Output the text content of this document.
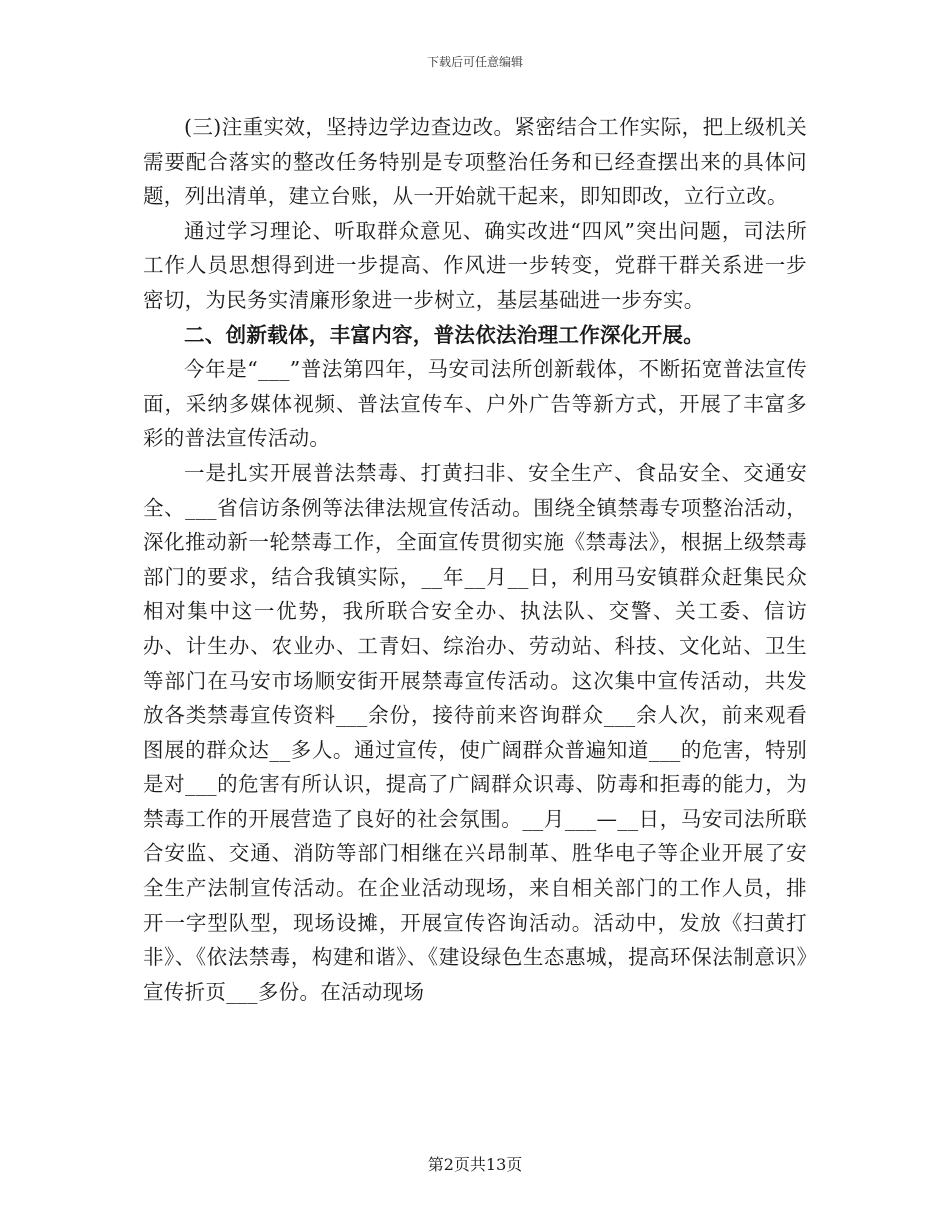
下载后可任意编辑

(三)注重实效，坚持边学边查边改。紧密结合工作实际，把上级机关需要配合落实的整改任务特别是专项整治任务和已经查摆出来的具体问题，列出清单，建立台账，从一开始就干起来，即知即改，立行立改。

通过学习理论、听取群众意见、确实改进“四风”突出问题，司法所工作人员思想得到进一步提高、作风进一步转变，党群干群关系进一步密切，为民务实清廉形象进一步树立，基层基础进一步夯实。

二、创新载体，丰富内容，普法依法治理工作深化开展。

今年是“___”普法第四年，马安司法所创新载体，不断拓宽普法宣传面，采纳多媒体视频、普法宣传车、户外广告等新方式，开展了丰富多彩的普法宣传活动。

一是扎实开展普法禁毒、打黄扫非、安全生产、食品安全、交通安全、___省信访条例等法律法规宣传活动。围绕全镇禁毒专项整治活动，深化推动新一轮禁毒工作，全面宣传贯彻实施《禁毒法》，根据上级禁毒部门的要求，结合我镇实际，__年__月__日，利用马安镇群众赶集民众相对集中这一优势，我所联合安全办、执法队、交警、关工委、信访办、计生办、农业办、工青妇、综治办、劳动站、科技、文化站、卫生等部门在马安市场顺安街开展禁毒宣传活动。这次集中宣传活动，共发放各类禁毒宣传资料___余份，接待前来咨询群众___余人次，前来观看图展的群众达__多人。通过宣传，使广阔群众普遍知道___的危害，特别是对___的危害有所认识，提高了广阔群众识毒、防毒和拒毒的能力，为禁毒工作的开展营造了良好的社会氛围。__月___—__日，马安司法所联合安监、交通、消防等部门相继在兴昂制革、胜华电子等企业开展了安全生产法制宣传活动。在企业活动现场，来自相关部门的工作人员，排开一字型队型，现场设摊，开展宣传咨询活动。活动中，发放《扫黄打非》、《依法禁毒，构建和谐》、《建设绿色生态惠城，提高环保法制意识》宣传折页___多份。在活动现场

第2页共13页
